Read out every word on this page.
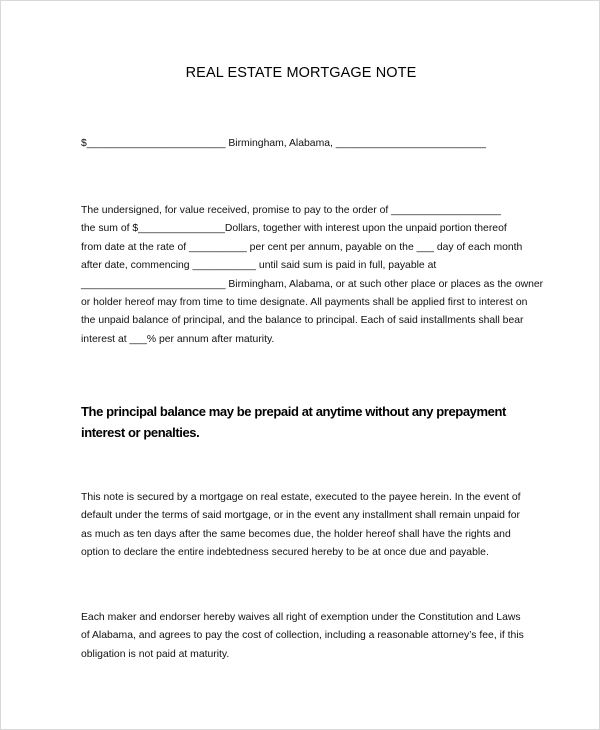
REAL ESTATE MORTGAGE NOTE

$________________________ Birmingham, Alabama, __________________________

The undersigned, for value received, promise to pay to the order of ___________________
the sum of $_______________Dollars, together with interest upon the unpaid portion thereof
from date at the rate of __________ per cent per annum, payable on the ___ day of each month
after date, commencing ___________ until said sum is paid in full, payable at
_________________________ Birmingham, Alabama, or at such other place or places as the owner
or holder hereof may from time to time designate. All payments shall be applied first to interest on
the unpaid balance of principal, and the balance to principal. Each of said installments shall bear
interest at ___% per annum after maturity.
The principal balance may be prepaid at anytime without any prepayment
interest or penalties.
This note is secured by a mortgage on real estate, executed to the payee herein. In the event of
default under the terms of said mortgage, or in the event any installment shall remain unpaid for
as much as ten days after the same becomes due, the holder hereof shall have the rights and
option to declare the entire indebtedness secured hereby to be at once due and payable.
Each maker and endorser hereby waives all right of exemption under the Constitution and Laws
of Alabama, and agrees to pay the cost of collection, including a reasonable attorney’s fee, if this
obligation is not paid at maturity.
